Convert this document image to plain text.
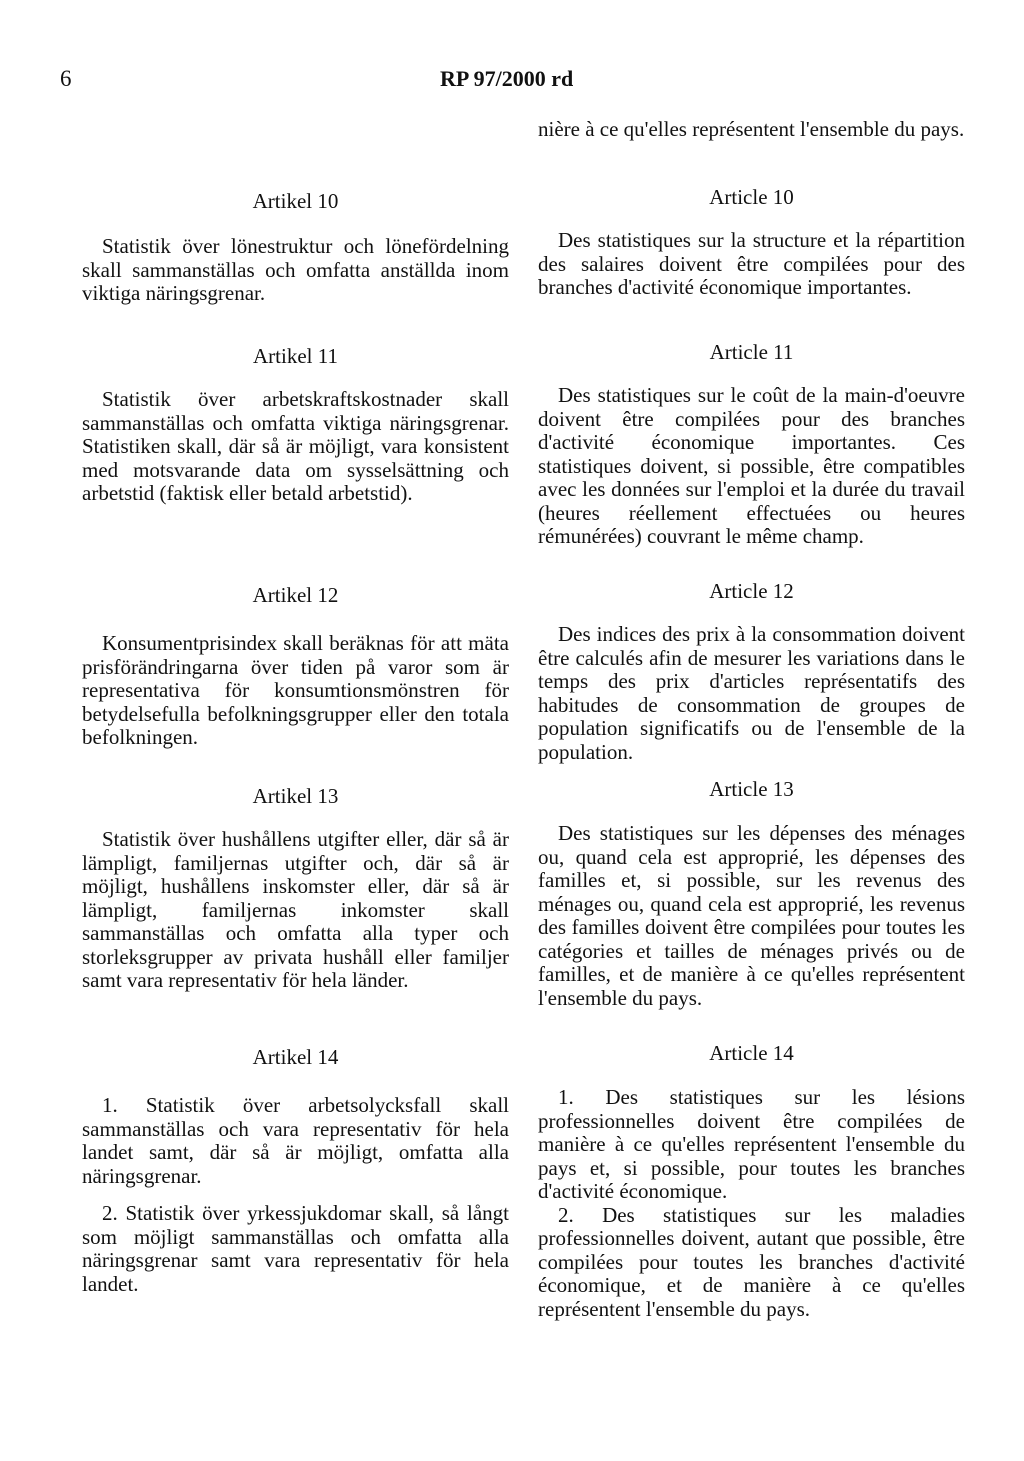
6	RP 97/2000 rd
Artikel 10

Statistik över lönestruktur och lönefördelning skall sammanställas och omfatta anställda inom viktiga näringsgrenar.

Artikel 11

Statistik över arbetskraftskostnader skall sammanställas och omfatta viktiga näringsgrenar. Statistiken skall, där så är möjligt, vara konsistent med motsvarande data om sysselsättning och arbetstid (faktisk eller betald arbetstid).

Artikel 12

Konsumentprisindex skall beräknas för att mäta prisförändringarna över tiden på varor som är representativa för konsumtionsmönstren för betydelsefulla befolkningsgrupper eller den totala befolkningen.

Artikel 13

Statistik över hushållens utgifter eller, där så är lämpligt, familjernas utgifter och, där så är möjligt, hushållens inskomster eller, där så är lämpligt, familjernas inkomster skall sammanställas och omfatta alla typer och storleksgrupper av privata hushåll eller familjer samt vara representativ för hela länder.

Artikel 14

1. Statistik över arbetsolycksfall skall sammanställas och vara representativ för hela landet samt, där så är möjligt, omfatta alla näringsgrenar.

2. Statistik över yrkessjukdomar skall, så långt som möjligt sammanställas och omfatta alla näringsgrenar samt vara representativ för hela landet.

nière à ce qu'elles représentent l'ensemble du pays.

Article 10

Des statistiques sur la structure et la répartition des salaires doivent être compilées pour des branches d'activité économique importantes.

Article 11

Des statistiques sur le coût de la main-d'oeuvre doivent être compilées pour des branches d'activité économique importantes. Ces statistiques doivent, si possible, être compatibles avec les données sur l'emploi et la durée du travail (heures réellement effectuées ou heures rémunérées) couvrant le même champ.

Article 12

Des indices des prix à la consommation doivent être calculés afin de mesurer les variations dans le temps des prix d'articles représentatifs des habitudes de consommation de groupes de population significatifs ou de l'ensemble de la population.

Article 13

Des statistiques sur les dépenses des ménages ou, quand cela est approprié, les dépenses des familles et, si possible, sur les revenus des ménages ou, quand cela est approprié, les revenus des familles doivent être compilées pour toutes les catégories et tailles de ménages privés ou de familles, et de manière à ce qu'elles représentent l'ensemble du pays.

Article 14

1. Des statistiques sur les lésions professionnelles doivent être compilées de manière à ce qu'elles représentent l'ensemble du pays et, si possible, pour toutes les branches d'activité économique.

2. Des statistiques sur les maladies professionnelles doivent, autant que possible, être compilées pour toutes les branches d'activité économique, et de manière à ce qu'elles représentent l'ensemble du pays.
